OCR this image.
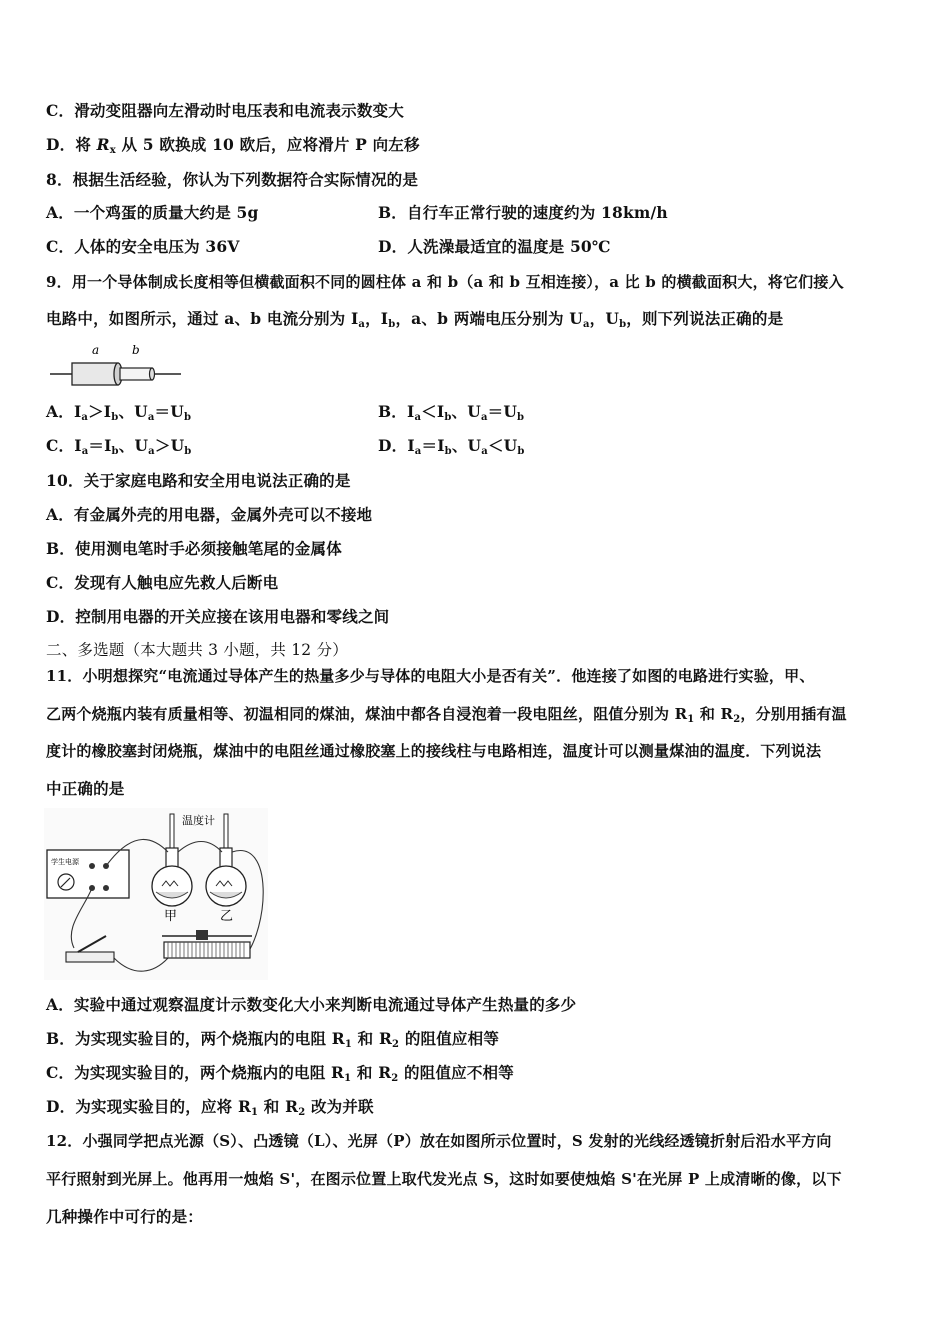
C．滑动变阻器向左滑动时电压表和电流表示数变大
D．将 $R_x$ 从 5 欧换成 10 欧后，应将滑片 P 向左移
8．根据生活经验，你认为下列数据符合实际情况的是
A．一个鸡蛋的质量大约是 5g	B．自行车正常行驶的速度约为 18km/h
C．人体的安全电压为 36V	D．人洗澡最适宜的温度是 50℃
9．用一个导体制成长度相等但横截面积不同的圆柱体 a 和 b（a 和 b 互相连接），a 比 b 的横截面积大，将它们接入
电路中，如图所示，通过 a、b 电流分别为 $I_a$，$I_b$，a、b 两端电压分别为 $U_a$，$U_b$，则下列说法正确的是
a	b
A．$I_a>I_b$、$U_a=U_b$	B．$I_a<I_b$、$U_a=U_b$
C．$I_a=I_b$、$U_a>U_b$	D．$I_a=I_b$、$U_a<U_b$
10．关于家庭电路和安全用电说法正确的是
A．有金属外壳的用电器，金属外壳可以不接地
B．使用测电笔时手必须接触笔尾的金属体
C．发现有人触电应先救人后断电
D．控制用电器的开关应接在该用电器和零线之间
二、多选题（本大题共 3 小题，共 12 分）
11．小明想探究“电流通过导体产生的热量多少与导体的电阻大小是否有关”．他连接了如图的电路进行实验，甲、
乙两个烧瓶内装有质量相等、初温相同的煤油，煤油中都各自浸泡着一段电阻丝，阻值分别为 $R_1$ 和 $R_2$，分别用插有温
度计的橡胶塞封闭烧瓶，煤油中的电阻丝通过橡胶塞上的接线柱与电路相连，温度计可以测量煤油的温度．下列说法
中正确的是
学生电源
温度计
甲	乙
A．实验中通过观察温度计示数变化大小来判断电流通过导体产生热量的多少
B．为实现实验目的，两个烧瓶内的电阻 $R_1$ 和 $R_2$ 的阻值应相等
C．为实现实验目的，两个烧瓶内的电阻 $R_1$ 和 $R_2$ 的阻值应不相等
D．为实现实验目的，应将 $R_1$ 和 $R_2$ 改为并联
12．小强同学把点光源（S）、凸透镜（L）、光屏（P）放在如图所示位置时，S 发射的光线经透镜折射后沿水平方向
平行照射到光屏上。他再用一烛焰 S'，在图示位置上取代发光点 S，这时如要使烛焰 S'在光屏 P 上成清晰的像，以下
几种操作中可行的是：
